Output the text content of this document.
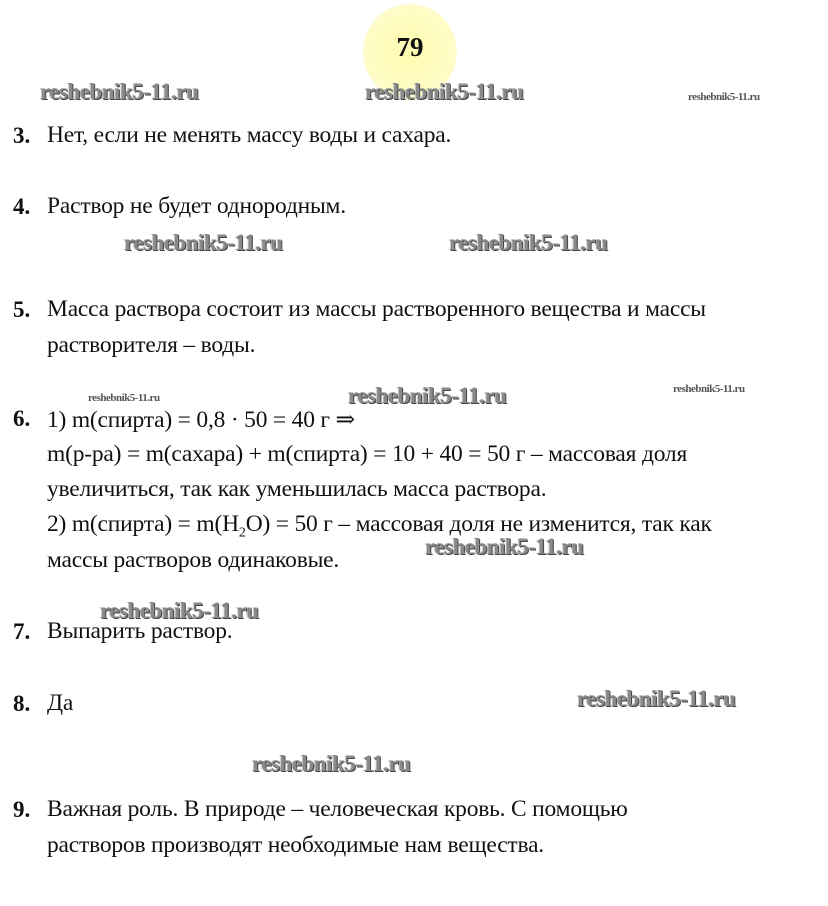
79
reshebnik5-11.ru	reshebnik5-11.ru	reshebnik5-11.ru
3. Нет, если не менять массу воды и сахара.
4. Раствор не будет однородным.
reshebnik5-11.ru	reshebnik5-11.ru
5. Масса раствора состоит из массы растворенного вещества и массы
растворителя – воды.
reshebnik5-11.ru	reshebnik5-11.ru	reshebnik5-11.ru
6. 1) m(спирта) = 0,8 · 50 = 40 г ⇒
m(р-ра) = m(сахара) + m(спирта) = 10 + 40 = 50 г – массовая доля
увеличиться, так как уменьшилась масса раствора.
2) m(спирта) = $m(H_2O) = 50$ г – массовая доля не изменится, так как
массы растворов одинаковые.
reshebnik5-11.ru
reshebnik5-11.ru
7. Выпарить раствор.
8. Да	reshebnik5-11.ru
reshebnik5-11.ru
9. Важная роль. В природе – человеческая кровь. С помощью
растворов производят необходимые нам вещества.
